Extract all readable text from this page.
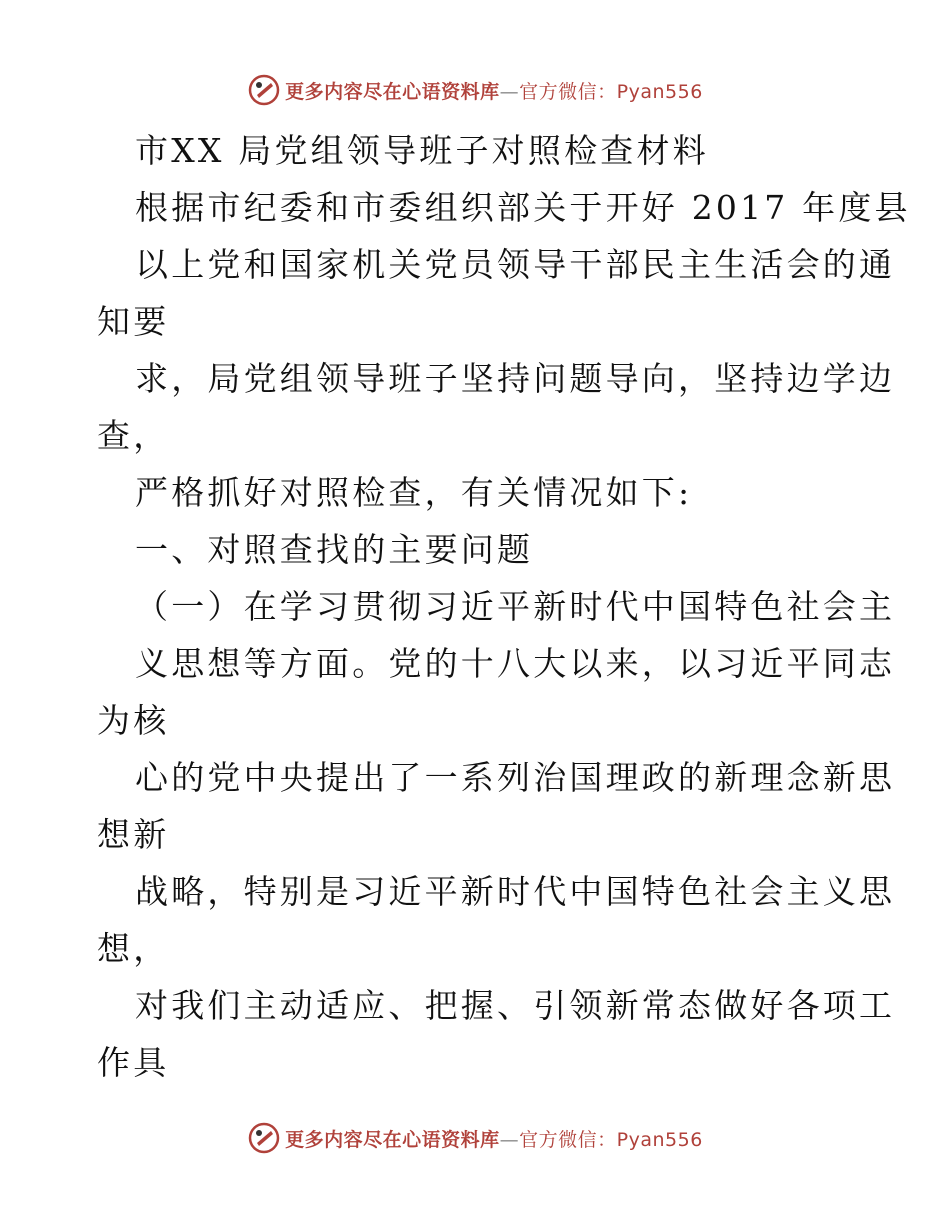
更多内容尽在心语资料库—官方微信：Pyan556
市XX 局党组领导班子对照检查材料
根据市纪委和市委组织部关于开好 2017 年度县
以上党和国家机关党员领导干部民主生活会的通
知要
求，局党组领导班子坚持问题导向，坚持边学边
查，
严格抓好对照检查，有关情况如下:
一、对照查找的主要问题
（一）在学习贯彻习近平新时代中国特色社会主
义思想等方面。党的十八大以来，以习近平同志
为核
心的党中央提出了一系列治国理政的新理念新思
想新
战略，特别是习近平新时代中国特色社会主义思
想，
对我们主动适应、把握、引领新常态做好各项工
作具
更多内容尽在心语资料库—官方微信：Pyan556
